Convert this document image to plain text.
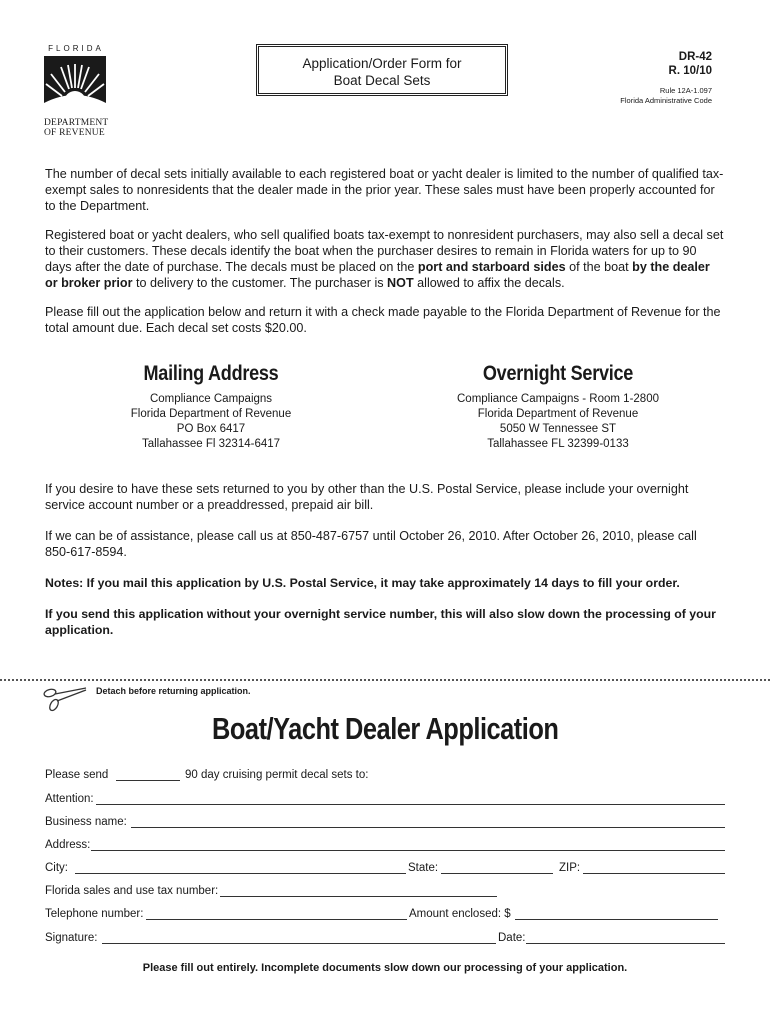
FLORIDA
DEPARTMENT
OF REVENUE
Application/Order Form for
Boat Decal Sets
DR-42
R. 10/10
Rule 12A-1.097
Florida Administrative Code

The number of decal sets initially available to each registered boat or yacht dealer is limited to the number of qualified tax-exempt sales to nonresidents that the dealer made in the prior year. These sales must have been properly accounted for to the Department.

Registered boat or yacht dealers, who sell qualified boats tax-exempt to nonresident purchasers, may also sell a decal set to their customers. These decals identify the boat when the purchaser desires to remain in Florida waters for up to 90 days after the date of purchase. The decals must be placed on the port and starboard sides of the boat by the dealer or broker prior to delivery to the customer. The purchaser is NOT allowed to affix the decals.

Please fill out the application below and return it with a check made payable to the Florida Department of Revenue for the total amount due. Each decal set costs $20.00.

Mailing Address
Compliance Campaigns
Florida Department of Revenue
PO Box 6417
Tallahassee Fl 32314-6417
Overnight Service
Compliance Campaigns - Room 1-2800
Florida Department of Revenue
5050 W Tennessee ST
Tallahassee FL 32399-0133

If you desire to have these sets returned to you by other than the U.S. Postal Service, please include your overnight service account number or a preaddressed, prepaid air bill.

If we can be of assistance, please call us at 850-487-6757 until October 26, 2010. After October 26, 2010, please call 850-617-8594.

Notes: If you mail this application by U.S. Postal Service, it may take approximately 14 days to fill your order.

If you send this application without your overnight service number, this will also slow down the processing of your application.

Detach before returning application.
Boat/Yacht Dealer Application
Please send	90 day cruising permit decal sets to:
Attention:
Business name:
Address:
City:	State:	ZIP:
Florida sales and use tax number:
Telephone number:	Amount enclosed: $
Signature:	Date:
Please fill out entirely. Incomplete documents slow down our processing of your application.
